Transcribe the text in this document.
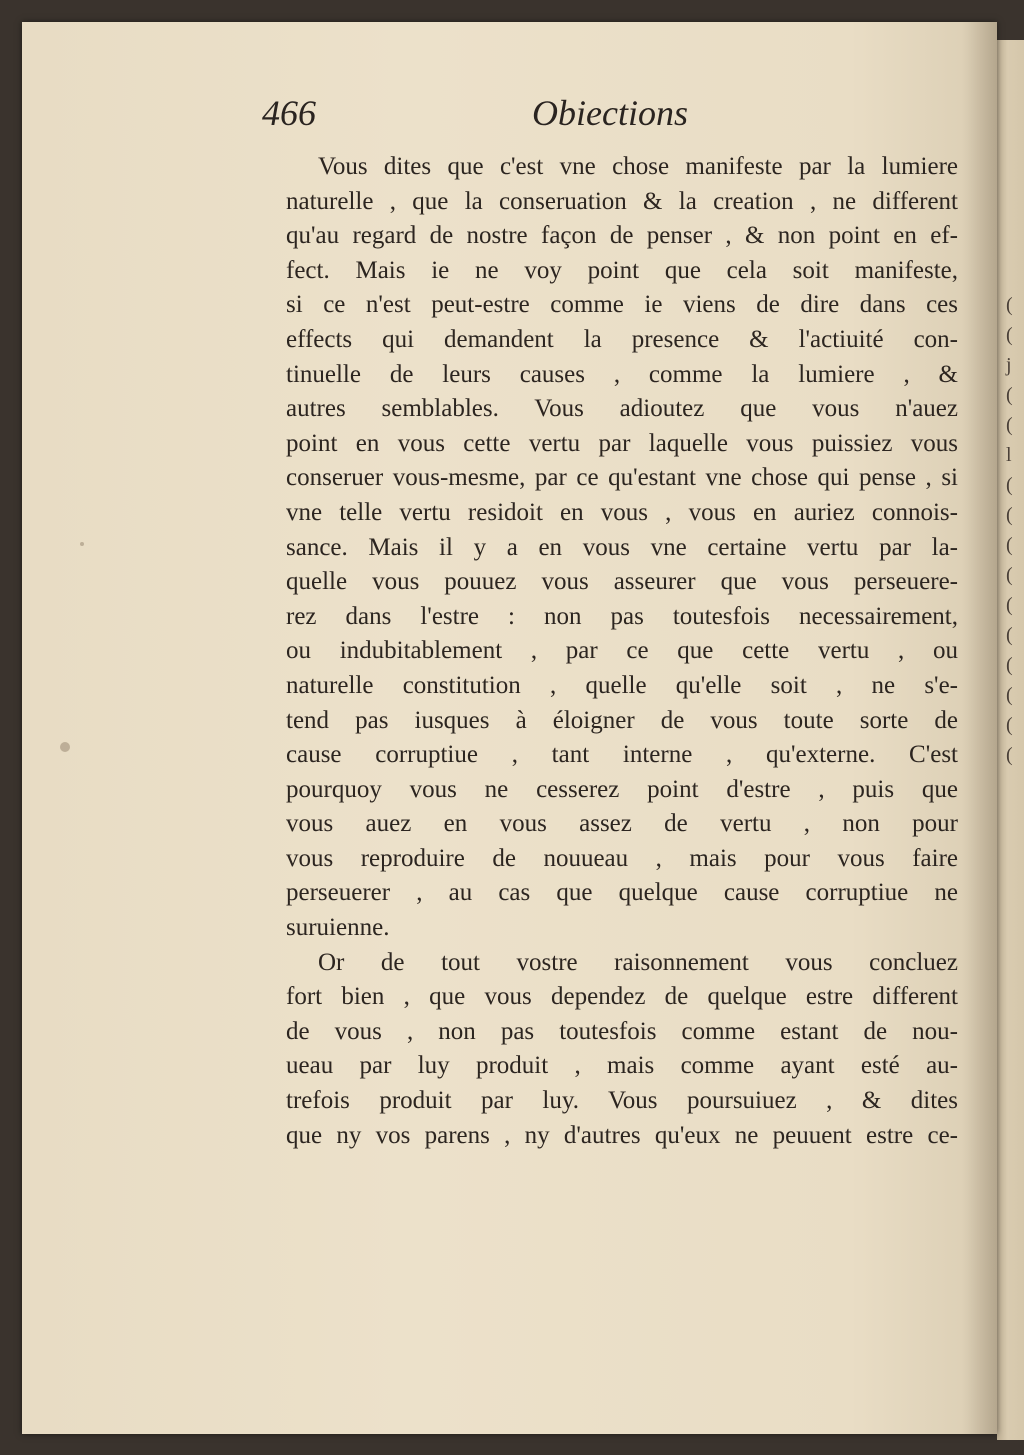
(
(
j
(
(
l
(
(
(
(
(
(
(
(
(
(
466	Obiections
Vous dites que c'est vne chose manifeste par la lumiere
naturelle , que la conseruation & la creation , ne different
qu'au regard de nostre façon de penser , & non point en ef-
fect. Mais ie ne voy point que cela soit manifeste,
si ce n'est peut-estre comme ie viens de dire dans ces
effects qui demandent la presence & l'actiuité con-
tinuelle de leurs causes , comme la lumiere , &
autres semblables. Vous adioutez que vous n'auez
point en vous cette vertu par laquelle vous puissiez vous
conseruer vous-mesme, par ce qu'estant vne chose qui pense , si
vne telle vertu residoit en vous , vous en auriez connois-
sance. Mais il y a en vous vne certaine vertu par la-
quelle vous pouuez vous asseurer que vous perseuere-
rez dans l'estre : non pas toutesfois necessairement,
ou indubitablement , par ce que cette vertu , ou
naturelle constitution , quelle qu'elle soit , ne s'e-
tend pas iusques à éloigner de vous toute sorte de
cause corruptiue , tant interne , qu'externe. C'est
pourquoy vous ne cesserez point d'estre , puis que
vous auez en vous assez de vertu , non pour
vous reproduire de nouueau , mais pour vous faire
perseuerer , au cas que quelque cause corruptiue ne
suruienne.
Or de tout vostre raisonnement vous concluez
fort bien , que vous dependez de quelque estre different
de vous , non pas toutesfois comme estant de nou-
ueau par luy produit , mais comme ayant esté au-
trefois produit par luy. Vous poursuiuez , & dites
que ny vos parens , ny d'autres qu'eux ne peuuent estre ce-
